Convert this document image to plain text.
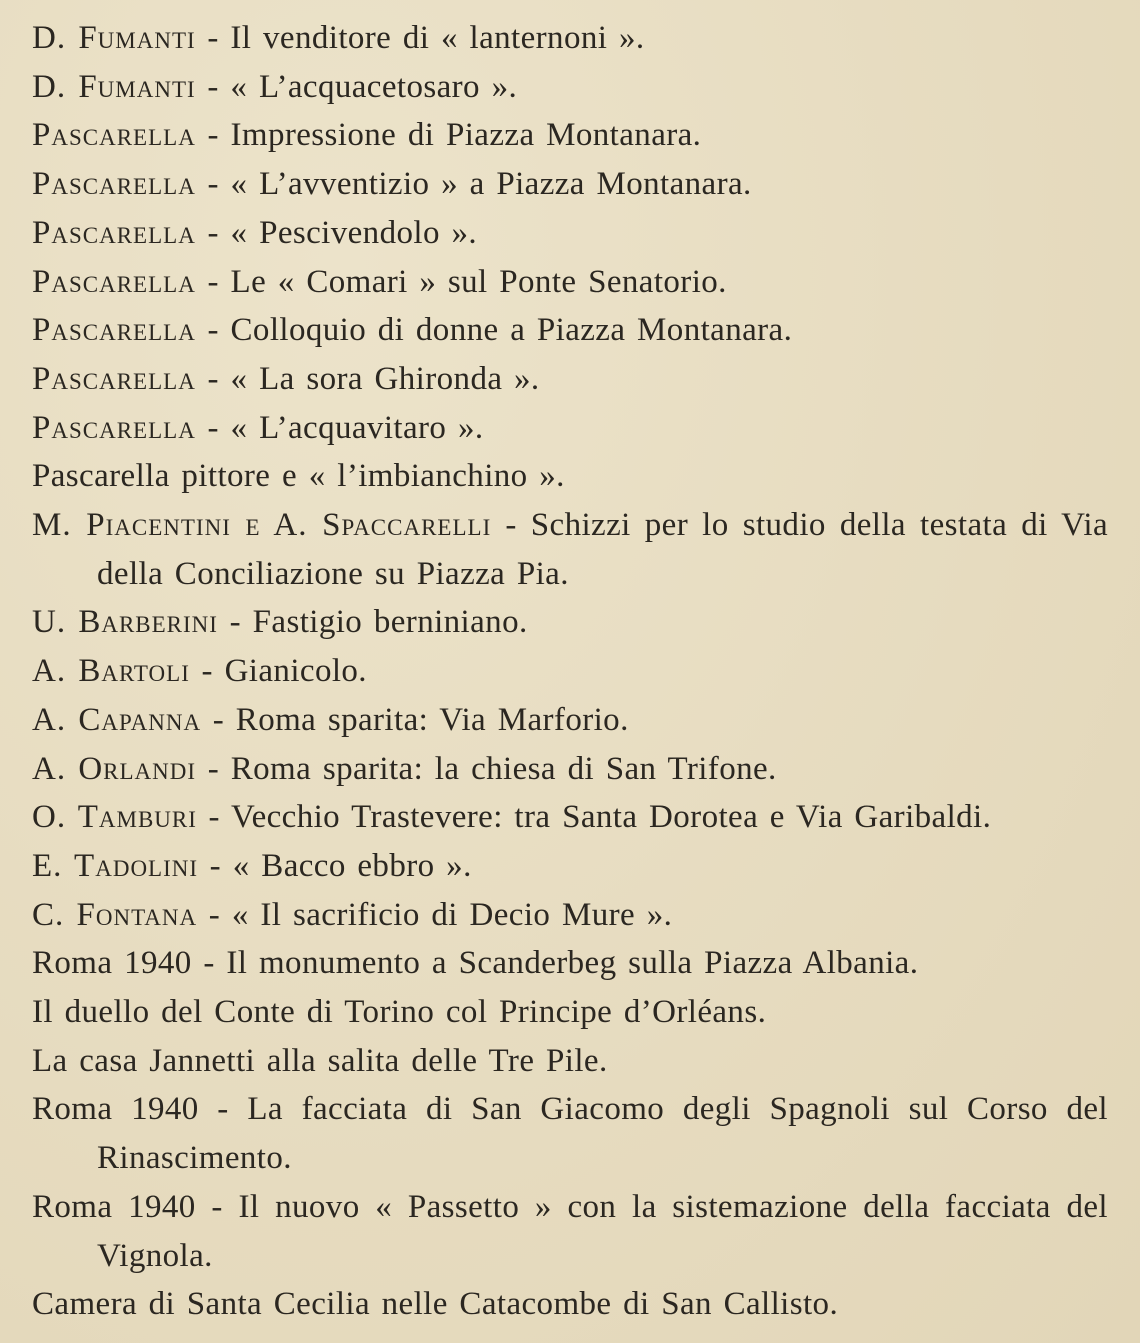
D. Fumanti - Il venditore di « lanternoni ».
D. Fumanti - « L’acquacetosaro ».
Pascarella - Impressione di Piazza Montanara.
Pascarella - « L’avventizio » a Piazza Montanara.
Pascarella - « Pescivendolo ».
Pascarella - Le « Comari » sul Ponte Senatorio.
Pascarella - Colloquio di donne a Piazza Montanara.
Pascarella - « La sora Ghironda ».
Pascarella - « L’acquavitaro ».
Pascarella pittore e « l’imbianchino ».
M. Piacentini e A. Spaccarelli - Schizzi per lo studio della testata di Via della Conciliazione su Piazza Pia.
U. Barberini - Fastigio berniniano.
A. Bartoli - Gianicolo.
A. Capanna - Roma sparita: Via Marforio.
A. Orlandi - Roma sparita: la chiesa di San Trifone.
O. Tamburi - Vecchio Trastevere: tra Santa Dorotea e Via Garibaldi.
E. Tadolini - « Bacco ebbro ».
C. Fontana - « Il sacrificio di Decio Mure ».
Roma 1940 - Il monumento a Scanderbeg sulla Piazza Albania.
Il duello del Conte di Torino col Principe d’Orléans.
La casa Jannetti alla salita delle Tre Pile.
Roma 1940 - La facciata di San Giacomo degli Spagnoli sul Corso del Rinascimento.
Roma 1940 - Il nuovo « Passetto » con la sistemazione della facciata del Vignola.
Camera di Santa Cecilia nelle Catacombe di San Callisto.
